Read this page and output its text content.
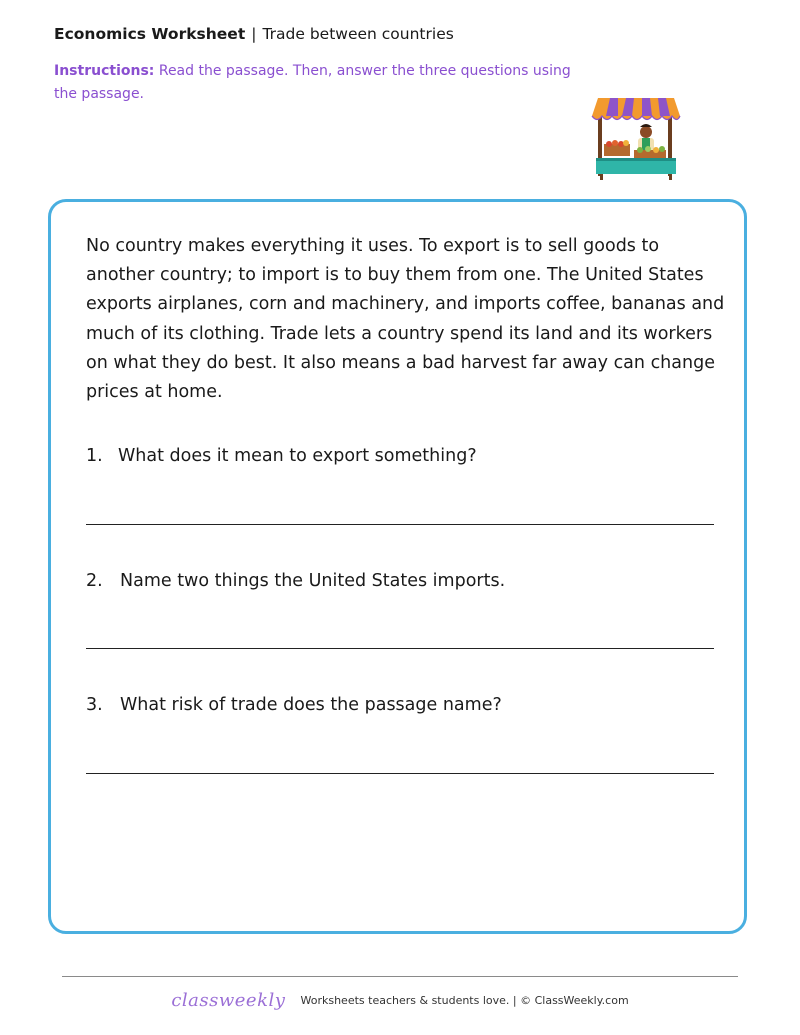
Economics Worksheet | Trade between countries
Instructions: Read the passage. Then, answer the three questions using the passage.
No country makes everything it uses. To export is to sell goods to another country; to import is to buy them from one. The United States exports airplanes, corn and machinery, and imports coffee, bananas and much of its clothing. Trade lets a country spend its land and its workers on what they do best. It also means a bad harvest far away can change prices at home.
1. What does it mean to export something?
2. Name two things the United States imports.
3. What risk of trade does the passage name?
classweekly Worksheets teachers & students love. | © ClassWeekly.com
